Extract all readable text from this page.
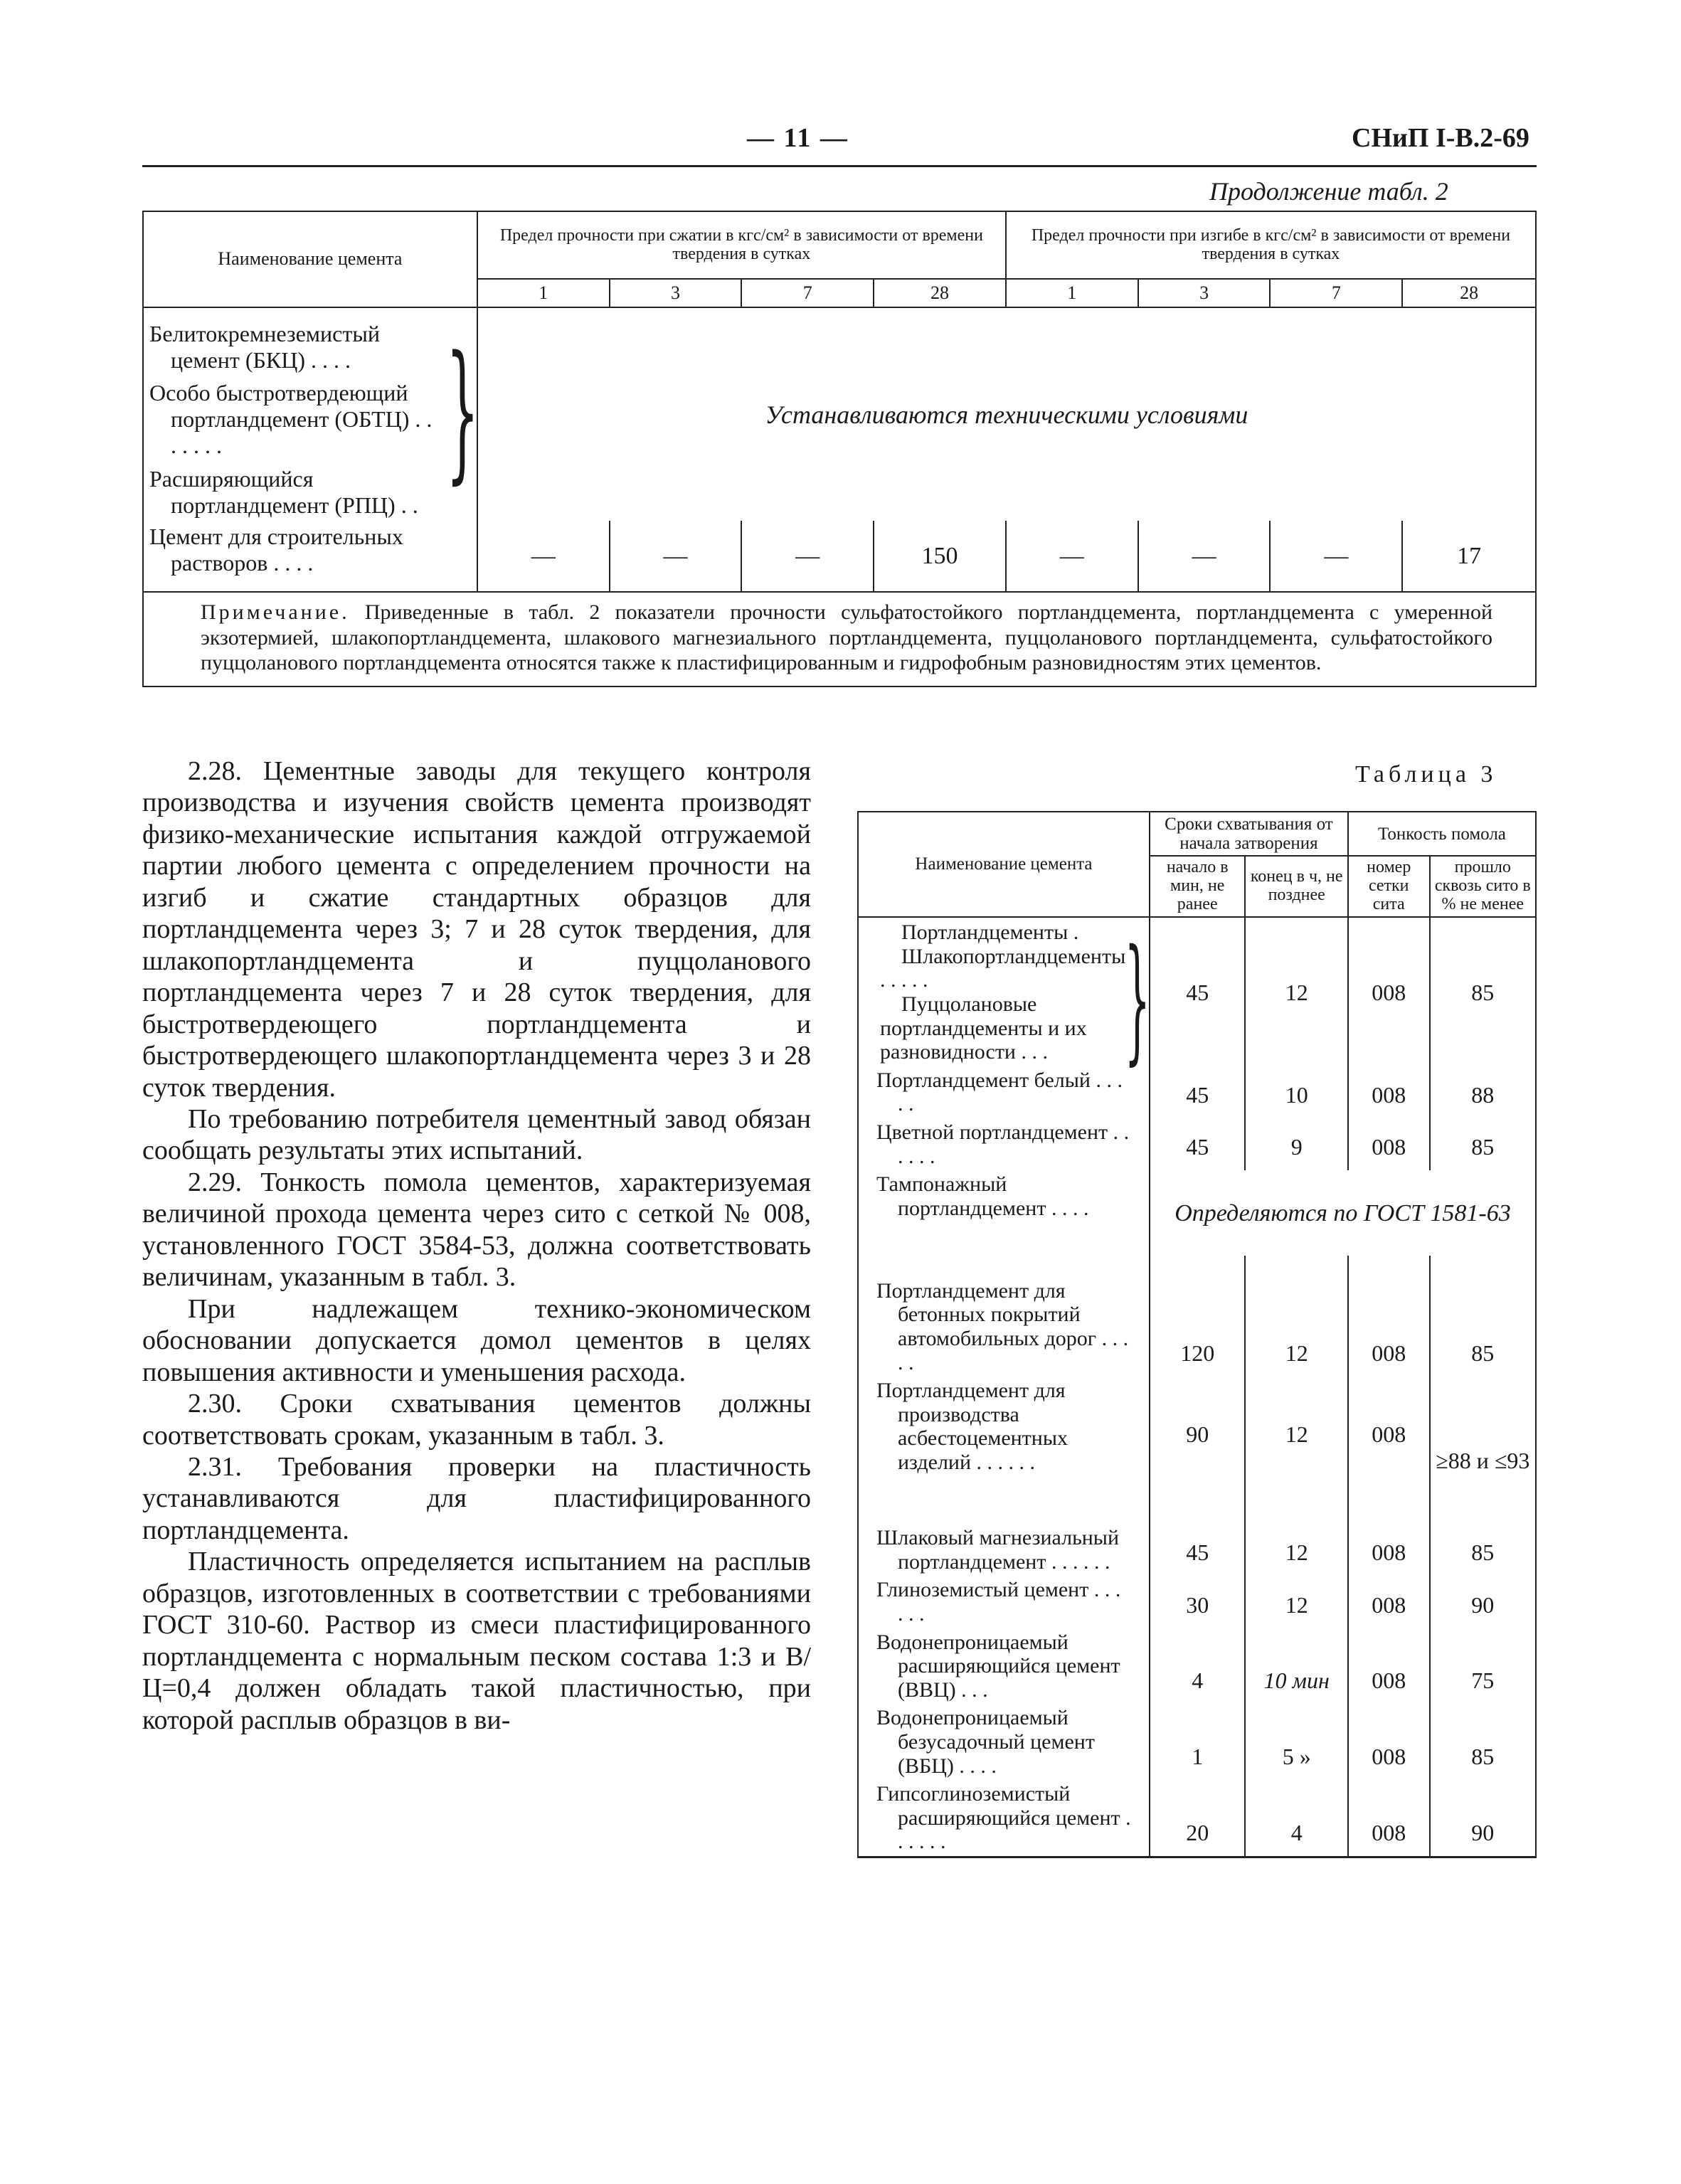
— 11 —	СНиП I-В.2-69
Продолжение табл. 2
Наименование цемента	Предел прочности при сжатии в кгс/см² в зависимости от времени твердения в сутках				Предел прочности при изгибе в кгс/см² в зависимости от времени твердения в сутках			
	1	3	7	28	1	3	7	28

Белитокремнеземистый цемент (БКЦ) . . . .
Особо быстротвердеющий портландцемент (ОБТЦ) . . . . . . .
Расширяющийся портландцемент (РПЦ) . .
}	Устанавливаются техническими условиями							
Цемент для строительных растворов . . . .	—	—	—	150	—	—	—	17
Примечание. Приведенные в табл. 2 показатели прочности сульфатостойкого портландцемента, портландцемента с умеренной экзотермией, шлакопортландцемента, шлакового магнезиального портландцемента, пуццоланового портландцемента, сульфатостойкого пуццоланового портландцемента относятся также к пластифицированным и гидрофобным разновидностям этих цементов.								

2.28. Цементные заводы для текущего контроля производства и изучения свойств цемента производят физико-механические испытания каждой отгружаемой партии любого цемента с определением прочности на изгиб и сжатие стандартных образцов для портландцемента через 3; 7 и 28 суток твердения, для шлакопортландцемента и пуццоланового портландцемента через 7 и 28 суток твердения, для быстротвердеющего портландцемента и быстротвердеющего шлакопортландцемента через 3 и 28 суток твердения.

По требованию потребителя цементный завод обязан сообщать результаты этих испытаний.

2.29. Тонкость помола цементов, характеризуемая величиной прохода цемента через сито с сеткой № 008, установленного ГОСТ 3584-53, должна соответствовать величинам, указанным в табл. 3.

При надлежащем технико-экономическом обосновании допускается домол цементов в целях повышения активности и уменьшения расхода.

2.30. Сроки схватывания цементов должны соответствовать срокам, указанным в табл. 3.

2.31. Требования проверки на пластичность устанавливаются для пластифицированного портландцемента.

Пластичность определяется испытанием на расплыв образцов, изготовленных в соответствии с требованиями ГОСТ 310-60. Раствор из смеси пластифицированного портландцемента с нормальным песком состава 1:3 и В/Ц=0,4 должен обладать такой пластичностью, при которой расплыв образцов в ви-

Таблица 3
Наименование цемента	Сроки схватывания от начала затворения		Тонкость помола	
	начало в мин, не ранее	конец в ч, не позднее	номер сетки сита	прошло сквозь сито в % не менее

Портландцементы .
Шлакопортландцементы . . . . .
Пуццолановые портландцементы и их разновидности . . . }	45	12	008	85
Портландцемент белый . . . . .	45	10	008	88
Цветной портландцемент . . . . . .	45	9	008	85
Тампонажный портландцемент . . . .	Определяются по ГОСТ 1581-63			
Портландцемент для бетонных покрытий автомобильных дорог . . . . .	120	12	008	85
Портландцемент для производства асбестоцементных изделий . . . . . .	90	12	008	≥88 и ≤93
Шлаковый магнезиальный портландцемент . . . . . .	45	12	008	85
Глиноземистый цемент . . . . . .	30	12	008	90
Водонепроницаемый расширяющийся цемент (ВВЦ) . . .	4	10 мин	008	75
Водонепроницаемый безусадочный цемент (ВБЦ) . . . .	1	5 »	008	85
Гипсоглиноземистый расширяющийся цемент . . . . . .	20	4	008	90
